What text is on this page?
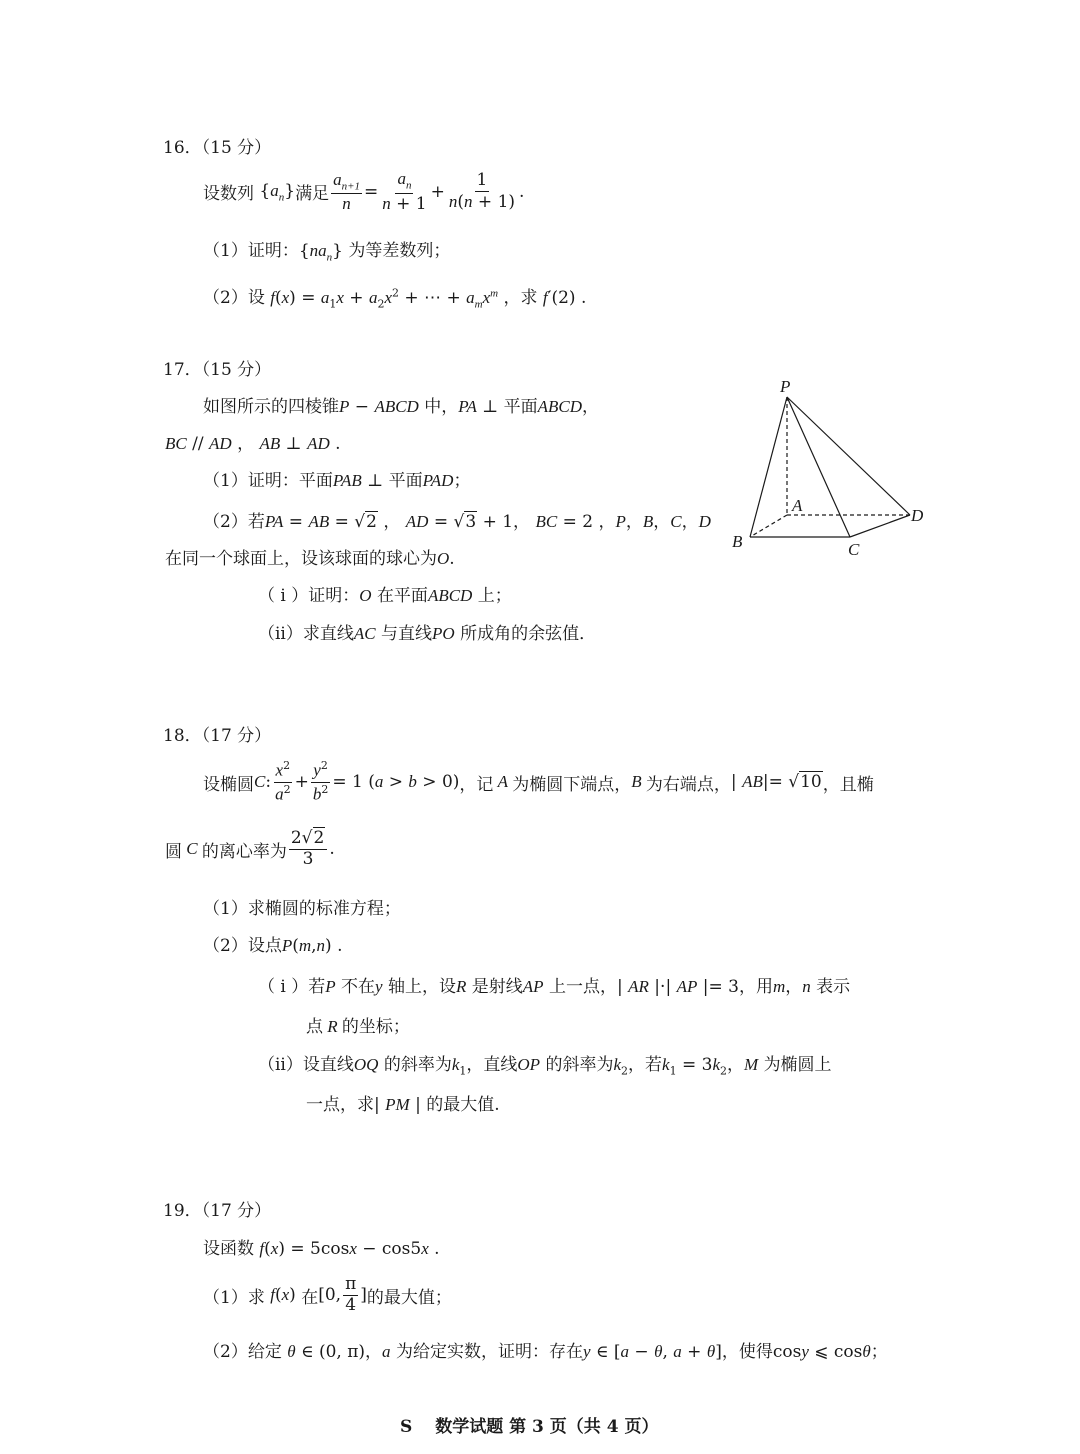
16．（15 分）
设数列 $\{a_n\}$ 满足 $\frac{a_{n+1}}{n} = \frac{a_n}{n + 1} + \frac{1}{n(n + 1)}$ .
（1）证明：$\{na_n\}$ 为等差数列；
（2）设 $f(x) = a_1x + a_2x^2$ + ⋯ + $a_mx^m$ ，求 f′(2) .
17．（15 分）
如图所示的四棱锥P − ABCD 中，PA ⊥ 平面ABCD，
BC // AD ， AB ⊥ AD .
（1）证明：平面PAB ⊥ 平面PAD；
（2）若PA = AB = √2 ， AD = √3 + 1， BC = 2 ，P，B，C，D
在同一个球面上，设该球面的球心为O.
（ i ）证明：O 在平面ABCD 上；
（ii）求直线AC 与直线PO 所成角的余弦值．
P
A
B	C
D
18．（17 分）
设椭圆 C : $\frac{x^2}{a^2} + \frac{y^2}{b^2} = 1$ (a > b > 0) ，记 A 为椭圆下端点， B 为右端点， | AB|= √10 ，且椭
圆 C 的离心率为 $\frac{2√2}{3}$ .
（1）求椭圆的标准方程；
（2）设点P(m,n) .
（ i ）若P 不在y 轴上，设R 是射线AP 上一点，| AR |·| AP |= 3，用m，n 表示
点 R 的坐标；
（ii）设直线OQ 的斜率为$k_1$，直线OP 的斜率为$k_2$，若$k_1 = 3k_2$，M 为椭圆上
一点，求| PM | 的最大值.
19．（17 分）
设函数 f(x) = 5cosx − cos5x .
（1）求 f(x) 在 [0, $\frac{\pi}{4}$ ] 的最大值；
（2）给定 θ ∈ (0, π)，a 为给定实数，证明：存在y ∈ [a − θ, a + θ]，使得cosy ⩽ cosθ；
S　 数学试题 第 3 页（共 4 页）
